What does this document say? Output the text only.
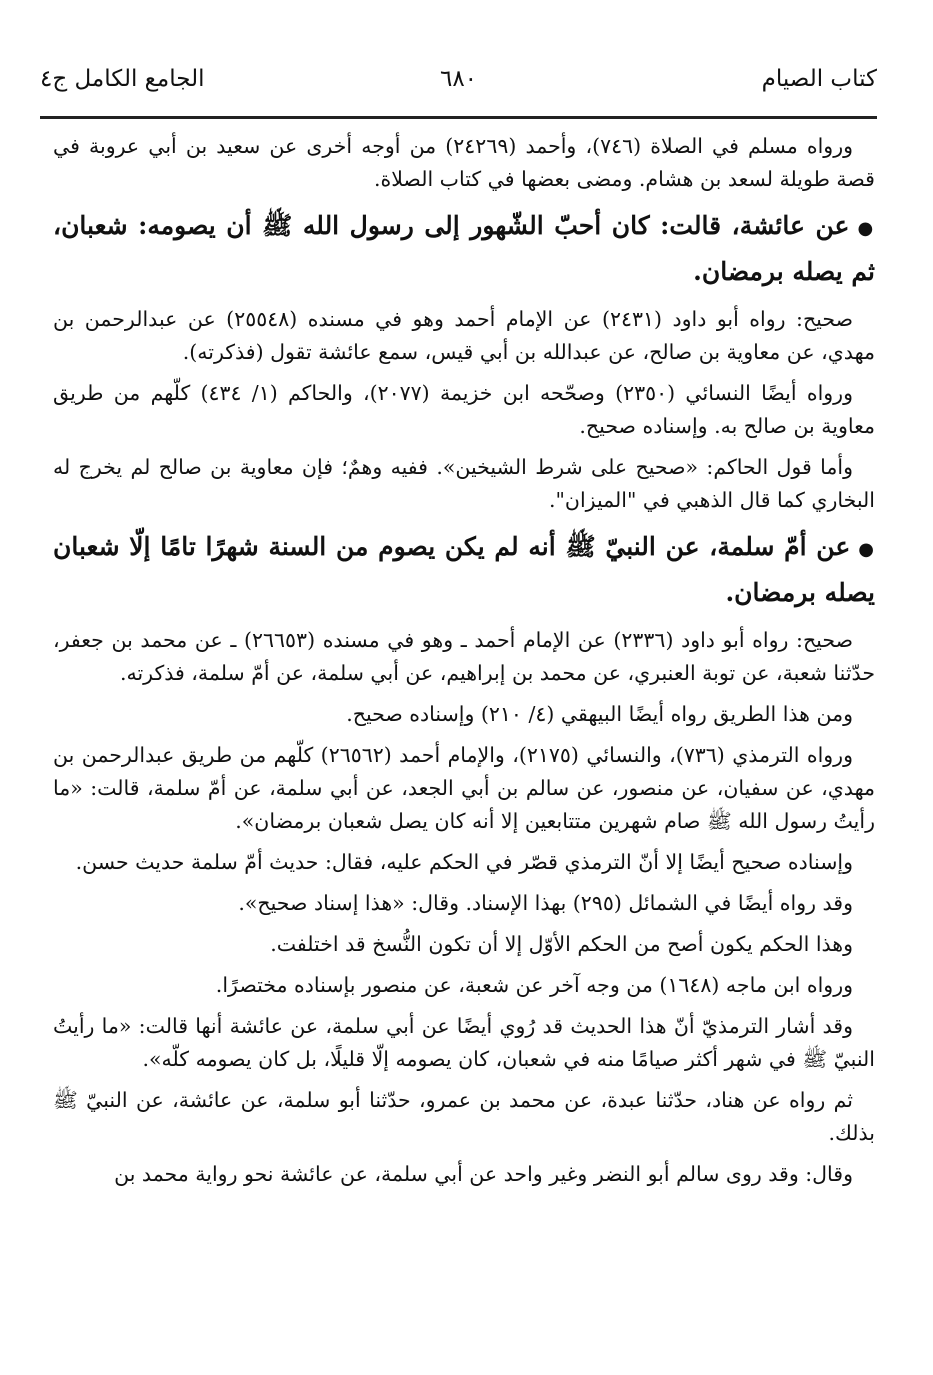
كتاب الصيام
٦٨٠
الجامع الكامل ج٤

ورواه مسلم في الصلاة (٧٤٦)، وأحمد (٢٤٢٦٩) من أوجه أخرى عن سعيد بن أبي عروبة في قصة طويلة لسعد بن هشام. ومضى بعضها في كتاب الصلاة.

●عن عائشة، قالت: كان أحبّ الشّهور إلى رسول الله ﷺ أن يصومه: شعبان، ثم يصله برمضان.

صحيح: رواه أبو داود (٢٤٣١) عن الإمام أحمد وهو في مسنده (٢٥٥٤٨) عن عبدالرحمن بن مهدي، عن معاوية بن صالح، عن عبدالله بن أبي قيس، سمع عائشة تقول (فذكرته).

ورواه أيضًا النسائي (٢٣٥٠) وصحّحه ابن خزيمة (٢٠٧٧)، والحاكم (١/ ٤٣٤) كلّهم من طريق معاوية بن صالح به. وإسناده صحيح.

وأما قول الحاكم: «صحيح على شرط الشيخين». ففيه وهمٌ؛ فإن معاوية بن صالح لم يخرج له البخاري كما قال الذهبي في "الميزان".

●عن أمّ سلمة، عن النبيّ ﷺ أنه لم يكن يصوم من السنة شهرًا تامًا إلّا شعبان يصله برمضان.

صحيح: رواه أبو داود (٢٣٣٦) عن الإمام أحمد ـ وهو في مسنده (٢٦٦٥٣) ـ عن محمد بن جعفر، حدّثنا شعبة، عن توبة العنبري، عن محمد بن إبراهيم، عن أبي سلمة، عن أمّ سلمة، فذكرته.

ومن هذا الطريق رواه أيضًا البيهقي (٤/ ٢١٠) وإسناده صحيح.

ورواه الترمذي (٧٣٦)، والنسائي (٢١٧٥)، والإمام أحمد (٢٦٥٦٢) كلّهم من طريق عبدالرحمن بن مهدي، عن سفيان، عن منصور، عن سالم بن أبي الجعد، عن أبي سلمة، عن أمّ سلمة، قالت: «ما رأيتُ رسول الله ﷺ صام شهرين متتابعين إلا أنه كان يصل شعبان برمضان».

وإسناده صحيح أيضًا إلا أنّ الترمذي قصّر في الحكم عليه، فقال: حديث أمّ سلمة حديث حسن.

وقد رواه أيضًا في الشمائل (٢٩٥) بهذا الإسناد. وقال: «هذا إسناد صحيح».

وهذا الحكم يكون أصح من الحكم الأوّل إلا أن تكون النُّسخ قد اختلفت.

ورواه ابن ماجه (١٦٤٨) من وجه آخر عن شعبة، عن منصور بإسناده مختصرًا.

وقد أشار الترمذيّ أنّ هذا الحديث قد رُوي أيضًا عن أبي سلمة، عن عائشة أنها قالت: «ما رأيتُ النبيّ ﷺ في شهر أكثر صيامًا منه في شعبان، كان يصومه إلّا قليلًا، بل كان يصومه كلّه».

ثم رواه عن هناد، حدّثنا عبدة، عن محمد بن عمرو، حدّثنا أبو سلمة، عن عائشة، عن النبيّ ﷺ بذلك.

وقال: وقد روى سالم أبو النضر وغير واحد عن أبي سلمة، عن عائشة نحو رواية محمد بن
